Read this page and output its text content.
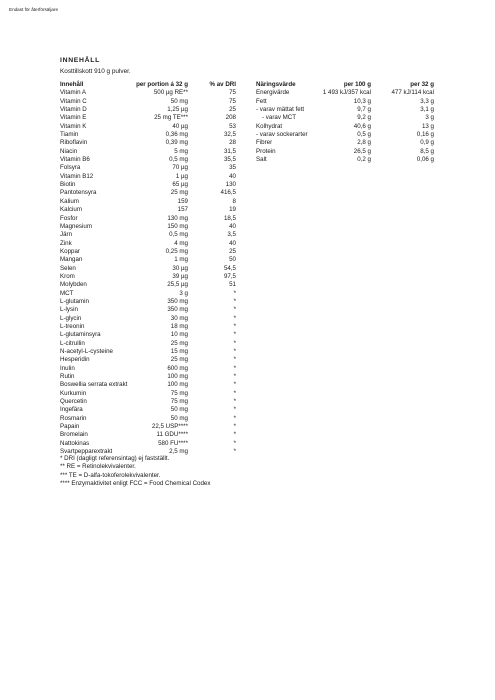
Endast för återförsäljare
INNEHÅLL
Kosttillskott 910 g pulver.
Innehåll	per portion á 32 g	% av DRI
Vitamin A	500 µg RE**	75
Vitamin C	50 mg	75
Vitamin D	1,25 µg	25
Vitamin E	25 mg TE***	208
Vitamin K	40 µg	53
Tiamin	0,36 mg	32,5
Riboflavin	0,39 mg	28
Niacin	5 mg	31,5
Vitamin B6	0,5 mg	35,5
Folsyra	70 µg	35
Vitamin B12	1 µg	40
Biotin	65 µg	130
Pantotensyra	25 mg	416,5
Kalium	159	8
Kalcium	157	19
Fosfor	130 mg	18,5
Magnesium	150 mg	40
Järn	0,5 mg	3,5
Zink	4 mg	40
Koppar	0,25 mg	25
Mangan	1 mg	50
Selen	30 µg	54,5
Krom	39 µg	97,5
Molybden	25,5 µg	51
MCT	3 g	*
L-glutamin	350 mg	*
L-lysin	350 mg	*
L-glycin	30 mg	*
L-treonin	18 mg	*
L-glutaminsyra	10 mg	*
L-citrullin	25 mg	*
N-acetyl-L-cysteine	15 mg	*
Hesperidin	25 mg	*
Inulin	600 mg	*
Rutin	100 mg	*
Boswellia serrata extrakt	100 mg	*
Kurkumin	75 mg	*
Quercetin	75 mg	*
Ingefära	50 mg	*
Rosmarin	50 mg	*
Papain	22,5 USP****	*
Bromelain	11 GDU****	*
Nattokinas	580 FU****	*
Svartpepparextrakt	2,5 mg	*
Näringsvärde	per 100 g	per 32 g
Energivärde	1 493 kJ/357 kcal	477 kJ/114 kcal
Fett	10,3 g	3,3 g
- varav mättat fett	9,7 g	3,1 g
- varav MCT	9,2 g	3 g
Kolhydrat	40,6 g	13 g
- varav sockerarter	0,5 g	0,16 g
Fibrer	2,8 g	0,9 g
Protein	26,5 g	8,5 g
Salt	0,2 g	0,06 g
* DRI (dagligt referensintag) ej fastställt.
** RE = Retinolekvivalenter.
*** TE = D-alfa-tokoferolekvivalenter.
**** Enzymaktivitet enligt FCC = Food Chemical Codex
